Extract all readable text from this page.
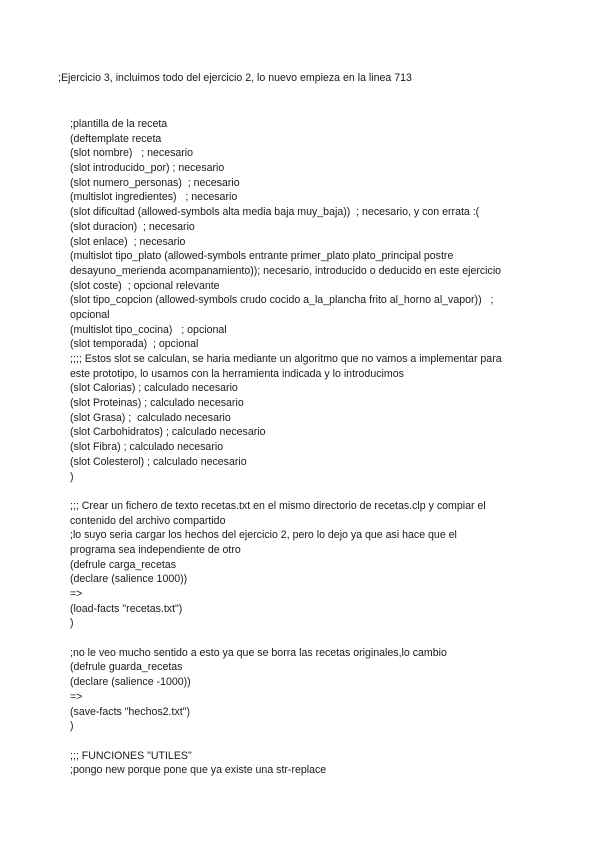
;Ejercicio 3, incluimos todo del ejercicio 2, lo nuevo empieza en la linea 713
;plantilla de la receta
(deftemplate receta
(slot nombre)   ; necesario
(slot introducido_por) ; necesario
(slot numero_personas)  ; necesario
(multislot ingredientes)   ; necesario
(slot dificultad (allowed-symbols alta media baja muy_baja))  ; necesario, y con errata :(
(slot duracion)  ; necesario
(slot enlace)  ; necesario
(multislot tipo_plato (allowed-symbols entrante primer_plato plato_principal postre
desayuno_merienda acompanamiento)); necesario, introducido o deducido en este ejercicio
(slot coste)  ; opcional relevante
(slot tipo_copcion (allowed-symbols crudo cocido a_la_plancha frito al_horno al_vapor))   ;
opcional
(multislot tipo_cocina)   ; opcional
(slot temporada)  ; opcional
;;;; Estos slot se calculan, se haria mediante un algoritmo que no vamos a implementar para
este prototipo, lo usamos con la herramienta indicada y lo introducimos
(slot Calorias) ; calculado necesario
(slot Proteinas) ; calculado necesario
(slot Grasa) ;  calculado necesario
(slot Carbohidratos) ; calculado necesario
(slot Fibra) ; calculado necesario
(slot Colesterol) ; calculado necesario
)
;;; Crear un fichero de texto recetas.txt en el mismo directorio de recetas.clp y compiar el
contenido del archivo compartido
;lo suyo seria cargar los hechos del ejercicio 2, pero lo dejo ya que asi hace que el
programa sea independiente de otro
(defrule carga_recetas
(declare (salience 1000))
=>
(load-facts "recetas.txt")
)
;no le veo mucho sentido a esto ya que se borra las recetas originales,lo cambio
(defrule guarda_recetas
(declare (salience -1000))
=>
(save-facts "hechos2.txt")
)
;;; FUNCIONES "UTILES"
;pongo new porque pone que ya existe una str-replace
